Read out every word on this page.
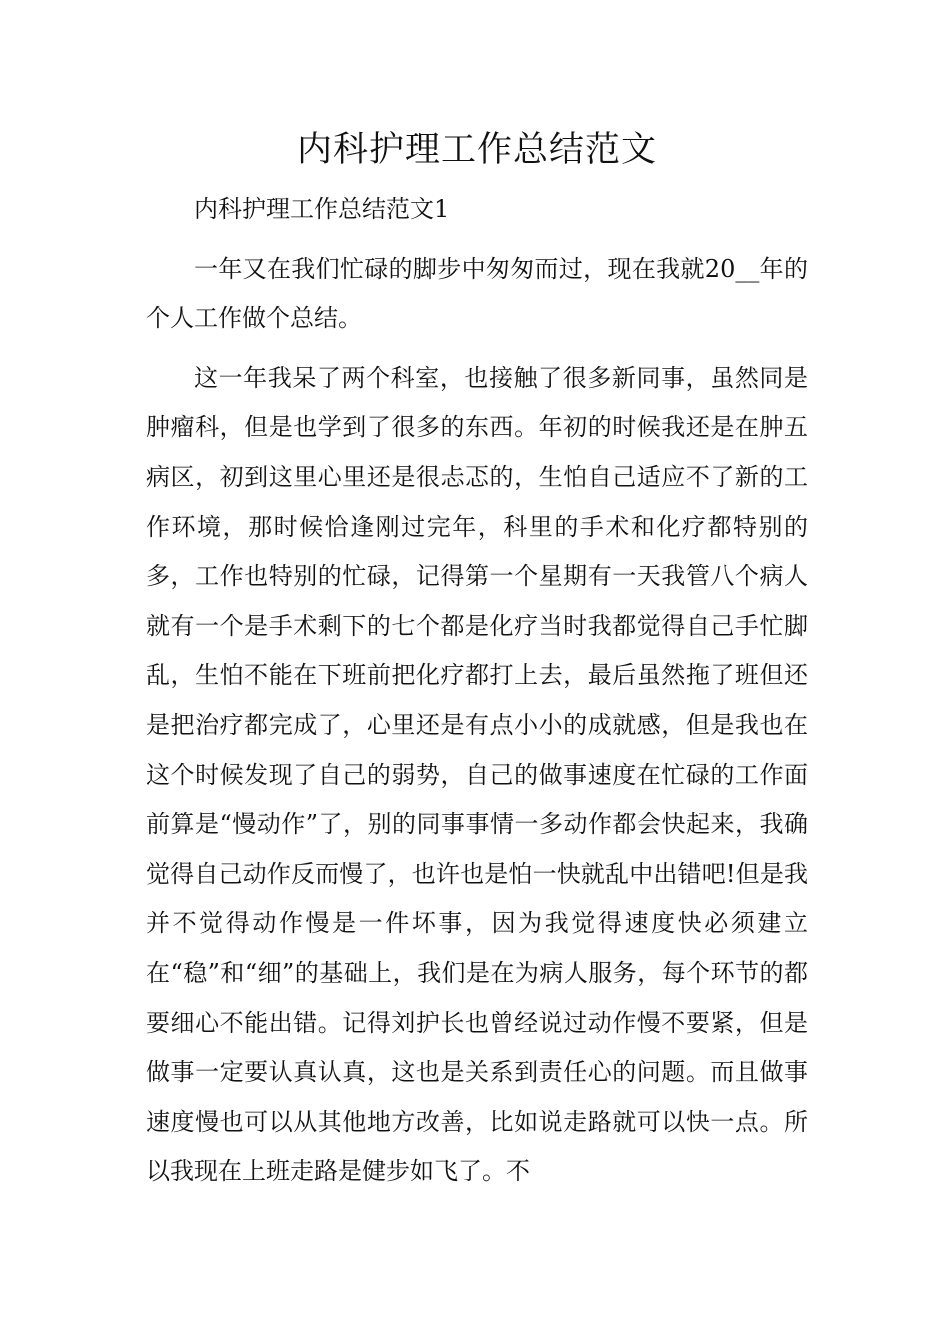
内科护理工作总结范文

内科护理工作总结范文1

一年又在我们忙碌的脚步中匆匆而过，现在我就20__年的个人工作做个总结。

这一年我呆了两个科室，也接触了很多新同事，虽然同是肿瘤科，但是也学到了很多的东西。年初的时候我还是在肿五病区，初到这里心里还是很忐忑的，生怕自己适应不了新的工作环境，那时候恰逢刚过完年，科里的手术和化疗都特别的多，工作也特别的忙碌，记得第一个星期有一天我管八个病人就有一个是手术剩下的七个都是化疗当时我都觉得自己手忙脚乱，生怕不能在下班前把化疗都打上去，最后虽然拖了班但还是把治疗都完成了，心里还是有点小小的成就感，但是我也在这个时候发现了自己的弱势，自己的做事速度在忙碌的工作面前算是“慢动作”了，别的同事事情一多动作都会快起来，我确觉得自己动作反而慢了，也许也是怕一快就乱中出错吧!但是我并不觉得动作慢是一件坏事，因为我觉得速度快必须建立在“稳”和“细”的基础上，我们是在为病人服务，每个环节的都要细心不能出错。记得刘护长也曾经说过动作慢不要紧，但是做事一定要认真认真，这也是关系到责任心的问题。而且做事速度慢也可以从其他地方改善，比如说走路就可以快一点。所以我现在上班走路是健步如飞了。不
